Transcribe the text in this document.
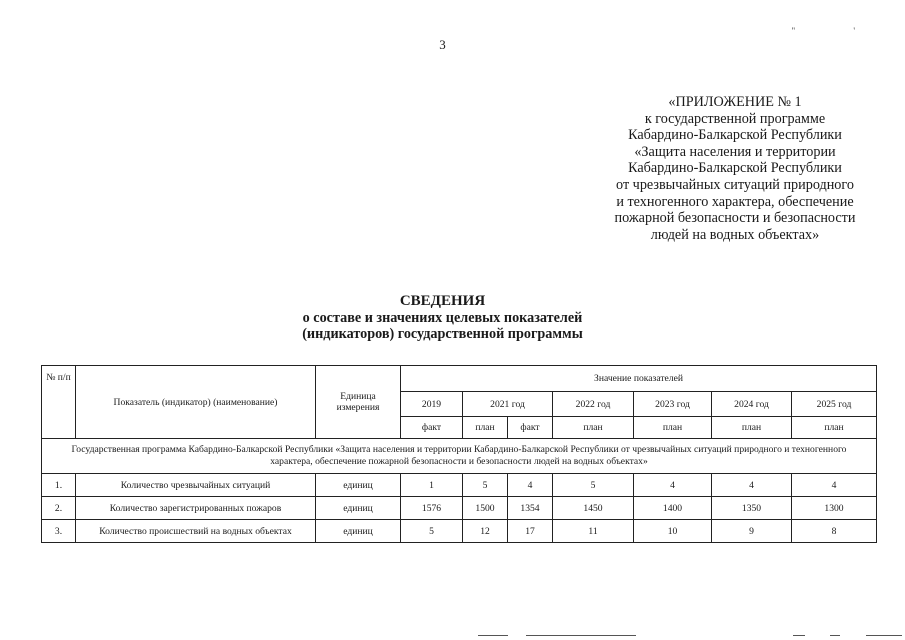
3
" '
«ПРИЛОЖЕНИЕ № 1
к государственной программе
Кабардино-Балкарской Республики
«Защита населения и территории
Кабардино-Балкарской Республики
от чрезвычайных ситуаций природного
и техногенного характера, обеспечение
пожарной безопасности и безопасности
людей на водных объектах»
СВЕДЕНИЯ
о составе и значениях целевых показателей
(индикаторов) государственной программы
№ п/п	Показатель (индикатор) (наименование)	Единица измерения	Значение показателей						
			2019	2021 год		2022 год	2023 год	2024 год	2025 год
			факт	план	факт	план	план	план	план
Государственная программа Кабардино-Балкарской Республики «Защита населения и территории Кабардино-Балкарской Республики от чрезвычайных ситуаций природного и техногенного характера, обеспечение пожарной безопасности и безопасности людей на водных объектах»									
1.	Количество чрезвычайных ситуаций	единиц	1	5	4	5	4	4	4
2.	Количество зарегистрированных пожаров	единиц	1576	1500	1354	1450	1400	1350	1300
3.	Количество происшествий на водных объектах	единиц	5	12	17	11	10	9	8
